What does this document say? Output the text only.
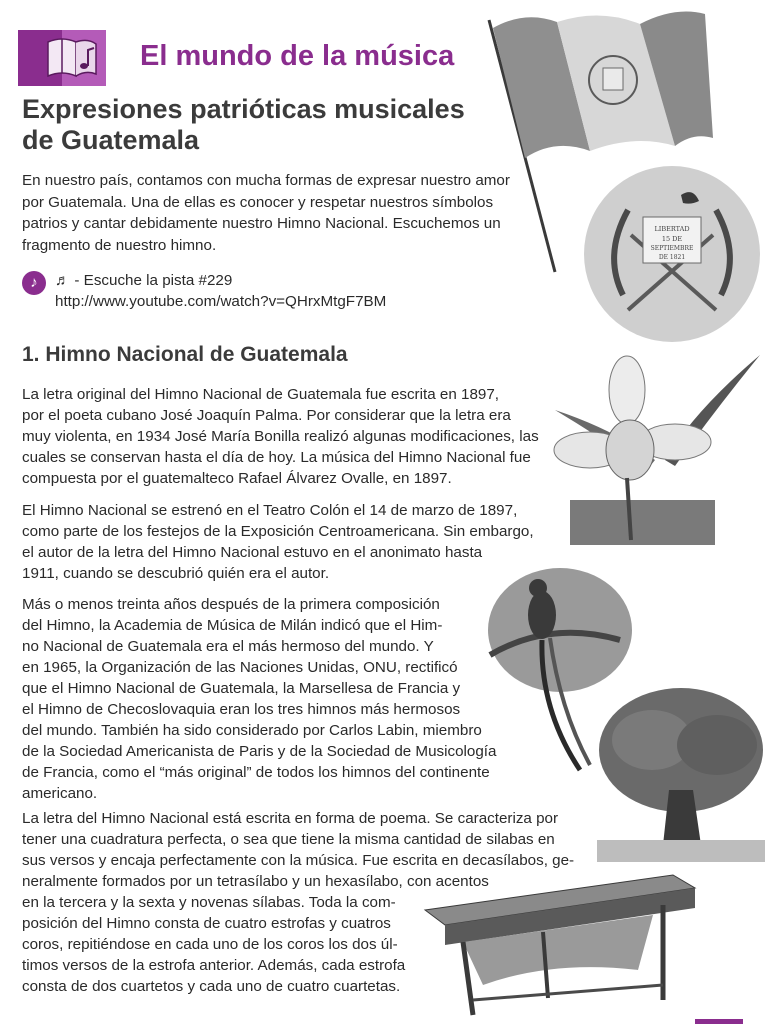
El mundo de la música
LIBERTAD
15 DE
SEPTIEMBRE
DE 1821
Expresiones patrióticas musicales
de Guatemala
En nuestro país, contamos con mucha formas de expresar nuestro amor
por Guatemala. Una de ellas es conocer y respetar nuestros símbolos
patrios y cantar debidamente nuestro Himno Nacional. Escuchemos un
fragmento de nuestro himno.
♪	♬ - Escuche la pista #229
http://www.youtube.com/watch?v=QHrxMtgF7BM
1. Himno Nacional de Guatemala
La letra original del Himno Nacional de Guatemala fue escrita en 1897,
por el poeta cubano José Joaquín Palma. Por considerar que la letra era
muy violenta, en 1934 José María Bonilla realizó algunas modificaciones, las
cuales se conservan hasta el día de hoy. La música del Himno Nacional fue
compuesta por el guatemalteco Rafael Álvarez Ovalle, en 1897.
El Himno Nacional se estrenó en el Teatro Colón el 14 de marzo de 1897,
como parte de los festejos de la Exposición Centroamericana. Sin embargo,
el autor de la letra del Himno Nacional estuvo en el anonimato hasta
1911, cuando se descubrió quién era el autor.
Más o menos treinta años después de la primera composición
del Himno, la Academia de Música de Milán indicó que el Him-
no Nacional de Guatemala era el más hermoso del mundo. Y
en 1965, la Organización de las Naciones Unidas, ONU, rectificó
que el Himno Nacional de Guatemala, la Marsellesa de Francia y
el Himno de Checoslovaquia eran los tres himnos más hermosos
del mundo. También ha sido considerado por Carlos Labin, miembro
de la Sociedad Americanista de Paris y de la Sociedad de Musicología
de Francia, como el “más original” de todos los himnos del continente
americano.
La letra del Himno Nacional está escrita en forma de poema. Se caracteriza por
tener una cuadratura perfecta, o sea que tiene la misma cantidad de silabas en
sus versos y encaja perfectamente con la música. Fue escrita en decasílabos, ge-
neralmente formados por un tetrasílabo y un hexasílabo, con acentos
en la tercera y la sexta y novenas sílabas. Toda la com-
posición del Himno consta de cuatro estrofas y cuatros
coros, repitiéndose en cada uno de los coros los dos úl-
timos versos de la estrofa anterior. Además, cada estrofa
consta de dos cuartetos y cada uno de cuatro cuartetas.
